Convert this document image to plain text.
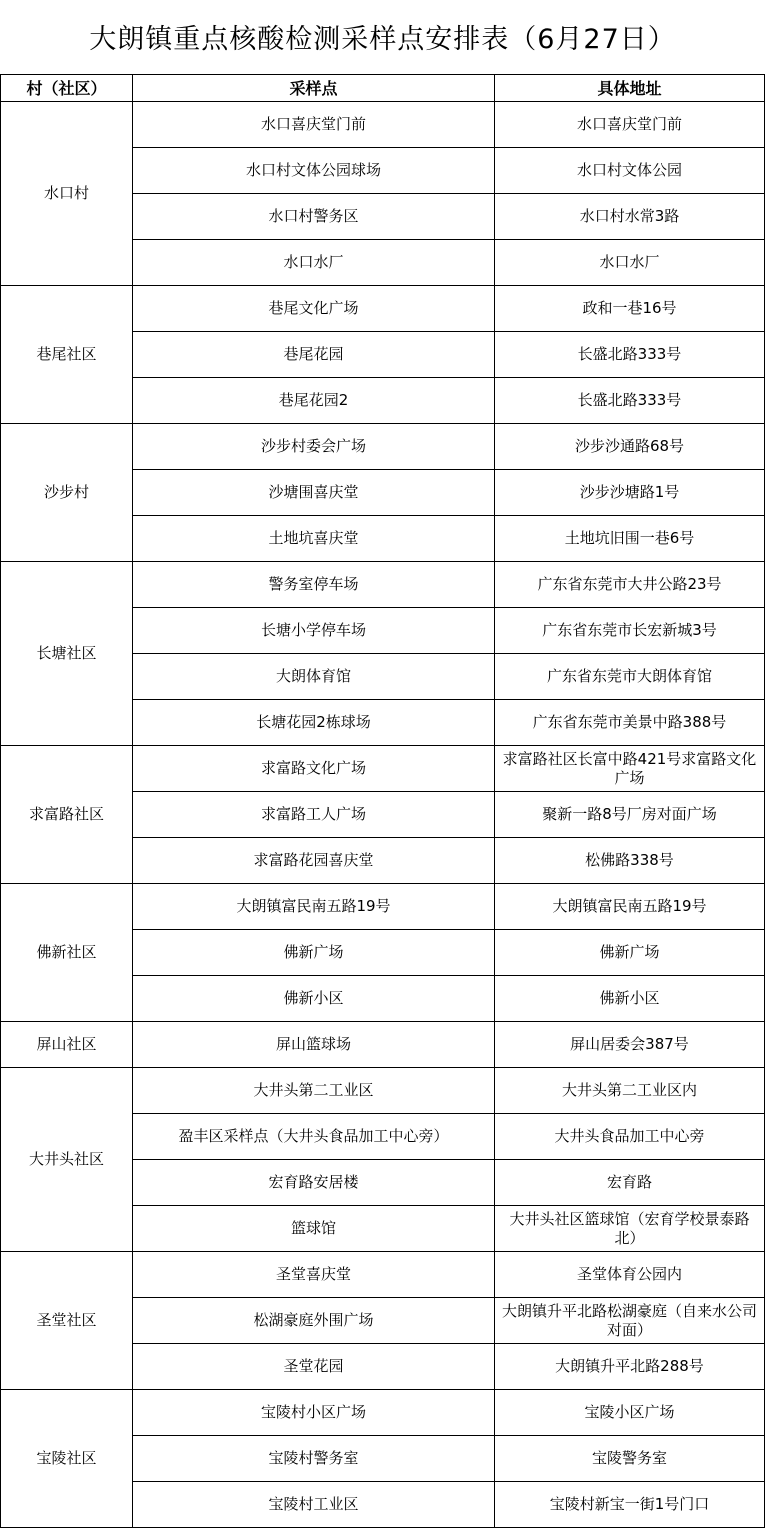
大朗镇重点核酸检测采样点安排表（6月27日）
村（社区）	采样点	具体地址
水口村	水口喜庆堂门前	水口喜庆堂门前
	水口村文体公园球场	水口村文体公园
	水口村警务区	水口村水常3路
	水口水厂	水口水厂
巷尾社区	巷尾文化广场	政和一巷16号
	巷尾花园	长盛北路333号
	巷尾花园2	长盛北路333号
沙步村	沙步村委会广场	沙步沙通路68号
	沙塘围喜庆堂	沙步沙塘路1号
	土地坑喜庆堂	土地坑旧围一巷6号
长塘社区	警务室停车场	广东省东莞市大井公路23号
	长塘小学停车场	广东省东莞市长宏新城3号
	大朗体育馆	广东省东莞市大朗体育馆
	长塘花园2栋球场	广东省东莞市美景中路388号
求富路社区	求富路文化广场	求富路社区长富中路421号求富路文化广场
	求富路工人广场	聚新一路8号厂房对面广场
	求富路花园喜庆堂	松佛路338号
佛新社区	大朗镇富民南五路19号	大朗镇富民南五路19号
	佛新广场	佛新广场
	佛新小区	佛新小区
屏山社区	屏山篮球场	屏山居委会387号
大井头社区	大井头第二工业区	大井头第二工业区内
	盈丰区采样点（大井头食品加工中心旁）	大井头食品加工中心旁
	宏育路安居楼	宏育路
	篮球馆	大井头社区篮球馆（宏育学校景泰路北）
圣堂社区	圣堂喜庆堂	圣堂体育公园内
	松湖豪庭外围广场	大朗镇升平北路松湖豪庭（自来水公司对面）
	圣堂花园	大朗镇升平北路288号
宝陵社区	宝陵村小区广场	宝陵小区广场
	宝陵村警务室	宝陵警务室
	宝陵村工业区	宝陵村新宝一街1号门口
